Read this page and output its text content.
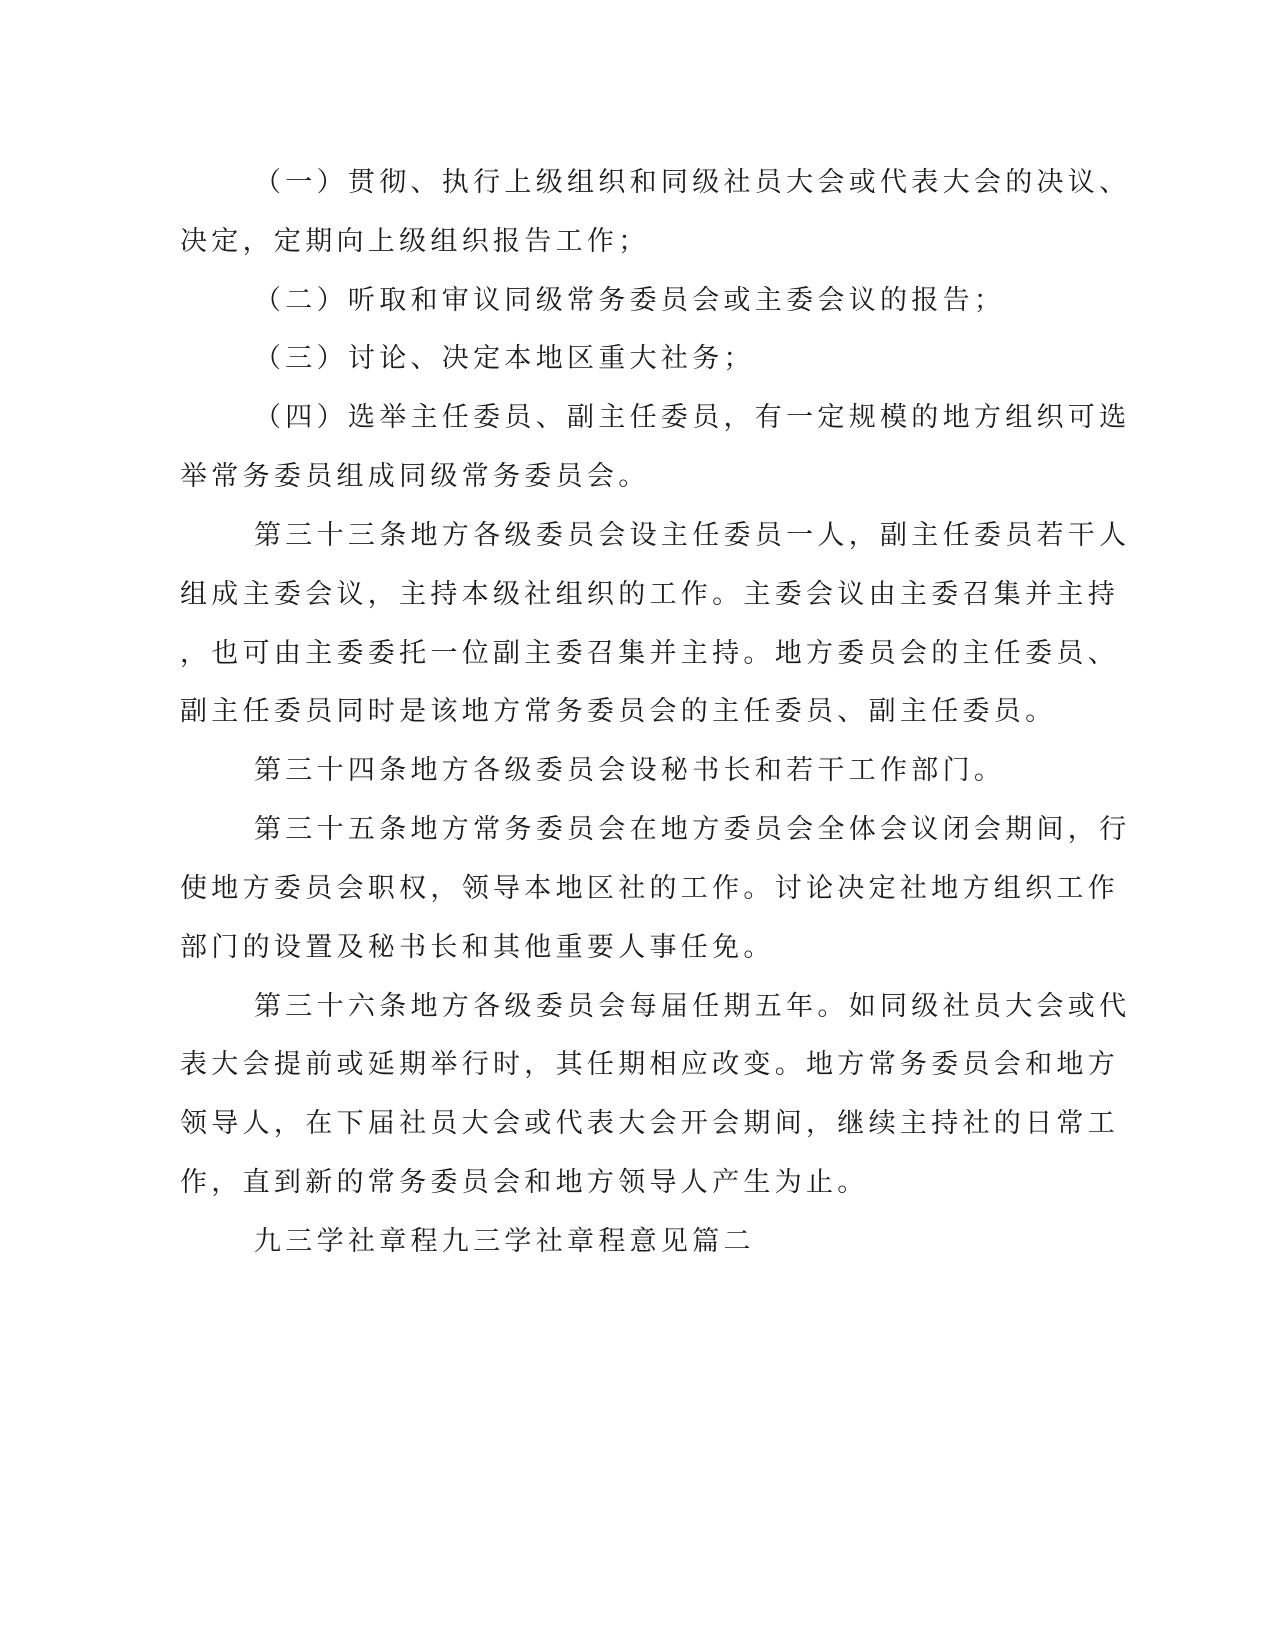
（一）贯彻、执行上级组织和同级社员大会或代表大会的决议、
决定，定期向上级组织报告工作；
（二）听取和审议同级常务委员会或主委会议的报告；
（三）讨论、决定本地区重大社务；
（四）选举主任委员、副主任委员，有一定规模的地方组织可选
举常务委员组成同级常务委员会。
第三十三条地方各级委员会设主任委员一人，副主任委员若干人
组成主委会议，主持本级社组织的工作。主委会议由主委召集并主持
，也可由主委委托一位副主委召集并主持。地方委员会的主任委员、
副主任委员同时是该地方常务委员会的主任委员、副主任委员。
第三十四条地方各级委员会设秘书长和若干工作部门。
第三十五条地方常务委员会在地方委员会全体会议闭会期间，行
使地方委员会职权，领导本地区社的工作。讨论决定社地方组织工作
部门的设置及秘书长和其他重要人事任免。
第三十六条地方各级委员会每届任期五年。如同级社员大会或代
表大会提前或延期举行时，其任期相应改变。地方常务委员会和地方
领导人，在下届社员大会或代表大会开会期间，继续主持社的日常工
作，直到新的常务委员会和地方领导人产生为止。
九三学社章程九三学社章程意见篇二
